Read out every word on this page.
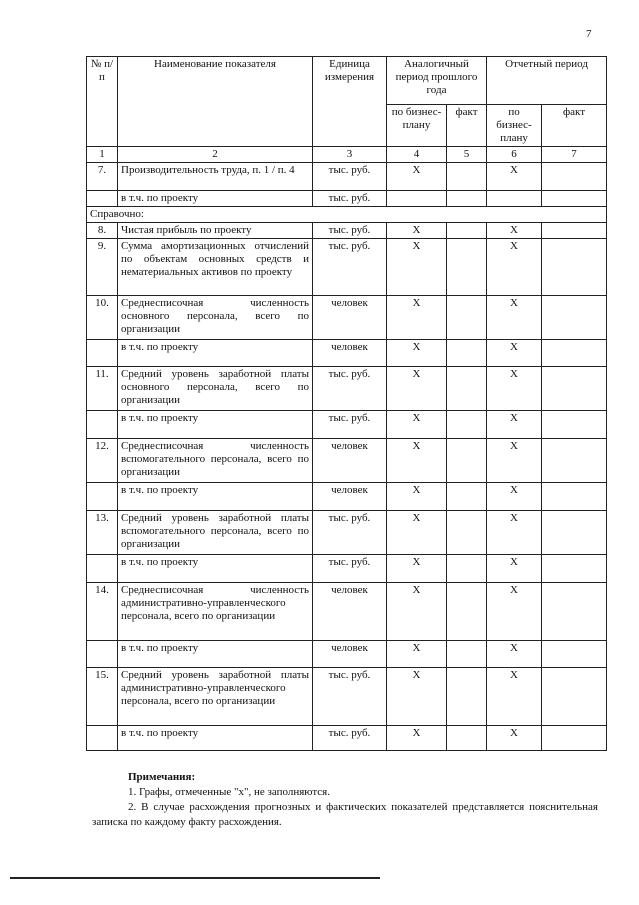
7
№ п/п	Наименование показателя	Единица измерения	Аналогичный период прошлого года		Отчетный период	
			по бизнес-плану	факт	по бизнес-плану	факт
1	2	3	4	5	6	7
7.	Производительность труда, п. 1 / п. 4	тыс. руб.	X		X	
	в т.ч. по проекту	тыс. руб.				
Справочно:						
8.	Чистая прибыль по проекту	тыс. руб.	X		X	
9.	Сумма амортизационных отчислений по объектам основных средств и нематериальных активов по проекту	тыс. руб.	X		X	
10.	Среднесписочная численность основного персонала, всего по организации	человек	X		X	
	в т.ч. по проекту	человек	X		X	
11.	Средний уровень заработной платы основного персонала, всего по организации	тыс. руб.	X		X	
	в т.ч. по проекту	тыс. руб.	X		X	
12.	Среднесписочная численность вспомогательного персонала, всего по организации	человек	X		X	
	в т.ч. по проекту	человек	X		X	
13.	Средний уровень заработной платы вспомогательного персонала, всего по организации	тыс. руб.	X		X	
	в т.ч. по проекту	тыс. руб.	X		X	
14.	Среднесписочная численность административно-управленческого персонала, всего по организации	человек	X		X	
	в т.ч. по проекту	человек	X		X	
15.	Средний уровень заработной платы административно-управленческого персонала, всего по организации	тыс. руб.	X		X	
	в т.ч. по проекту	тыс. руб.	X		X	
Примечания:
1. Графы, отмеченные "х", не заполняются.
2. В случае расхождения прогнозных и фактических показателей представляется пояснительная записка по каждому факту расхождения.
